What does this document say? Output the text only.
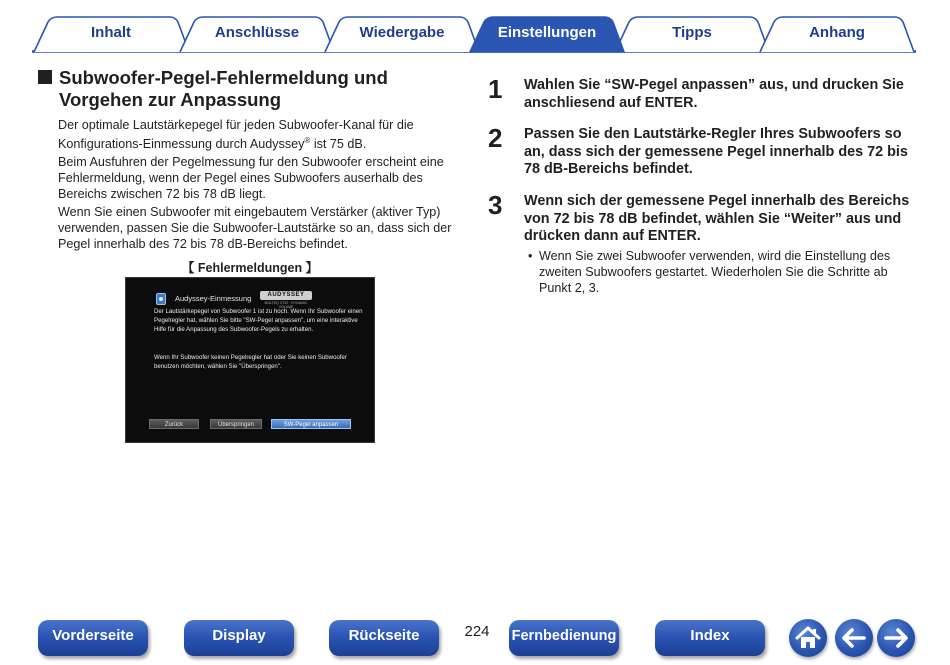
Inhalt	Anschlüsse	Wiedergabe	Einstellungen	Tipps	Anhang
Subwoofer-Pegel-Fehlermeldung und Vorgehen zur Anpassung

Der optimale Lautstärkepegel für jeden Subwoofer-Kanal für die Konfigurations-Einmessung durch Audyssey® ist 75 dB.

Beim Ausfuhren der Pegelmessung fur den Subwoofer erscheint eine Fehlermeldung, wenn der Pegel eines Subwoofers auserhalb des Bereichs zwischen 72 bis 78 dB liegt.

Wenn Sie einen Subwoofer mit eingebautem Verstärker (aktiver Typ) verwenden, passen Sie die Subwoofer-Lautstärke so an, dass sich der Pegel innerhalb des 72 bis 78 dB-Bereichs befindet.

【 Fehlermeldungen 】
Audyssey-Einmessung	AUDYSSEY
MULTEQ XT32 · DYNAMIC VOLUME
Der Lautstärkepegel von Subwoofer 1 ist zu hoch. Wenn Ihr Subwoofer einen Pegelregler hat, wählen Sie bitte "SW-Pegel anpassen", um eine interaktive Hilfe für die Anpassung des Subwoofer-Pegels zu erhalten.
Wenn Ihr Subwoofer keinen Pegelregler hat oder Sie keinen Subwoofer benutzen möchten, wählen Sie "Überspringen".
Zurück	Überspringen	SW-Pegel anpassen
1 Wahlen Sie “SW-Pegel anpassen” aus, und drucken Sie anschliesend auf ENTER.
2 Passen Sie den Lautstärke-Regler Ihres Subwoofers so an, dass sich der gemessene Pegel innerhalb des 72 bis 78 dB-Bereichs befindet.
3 Wenn sich der gemessene Pegel innerhalb des Bereichs von 72 bis 78 dB befindet, wählen Sie “Weiter” aus und drücken dann auf ENTER.
• Wenn Sie zwei Subwoofer verwenden, wird die Einstellung des zweiten Subwoofers gestartet. Wiederholen Sie die Schritte ab Punkt 2, 3.
Vorderseite	Display	Rückseite	224	Fernbedienung	Index
